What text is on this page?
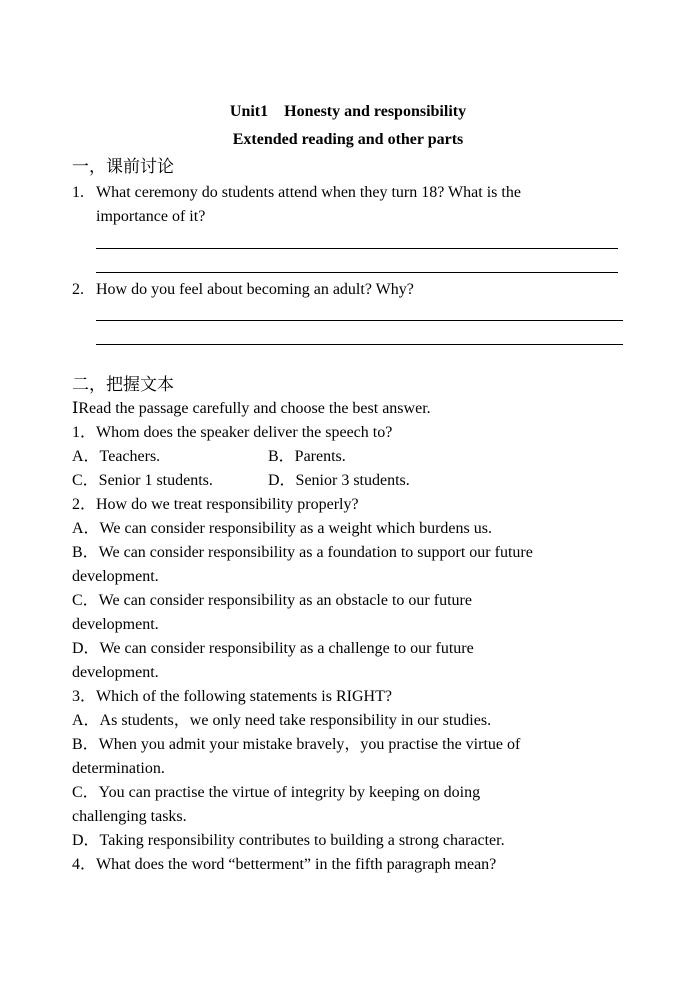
Unit1    Honesty and responsibility
Extended reading and other parts
一，课前讨论
1. What ceremony do students attend when they turn 18? What is the
importance of it?
2. How do you feel about becoming an adult? Why?
二，把握文本
ⅠRead the passage carefully and choose the best answer.
1．Whom does the speaker deliver the speech to?
A．Teachers.	B．Parents.
C．Senior 1 students.	D．Senior 3 students.
2．How do we treat responsibility properly?
A．We can consider responsibility as a weight which burdens us.
B．We can consider responsibility as a foundation to support our future
development.
C．We can consider responsibility as an obstacle to our future
development.
D．We can consider responsibility as a challenge to our future
development.
3．Which of the following statements is RIGHT?
A．As students，we only need take responsibility in our studies.
B．When you admit your mistake bravely，you practise the virtue of
determination.
C．You can practise the virtue of integrity by keeping on doing
challenging tasks.
D．Taking responsibility contributes to building a strong character.
4．What does the word “betterment” in the fifth paragraph mean?
